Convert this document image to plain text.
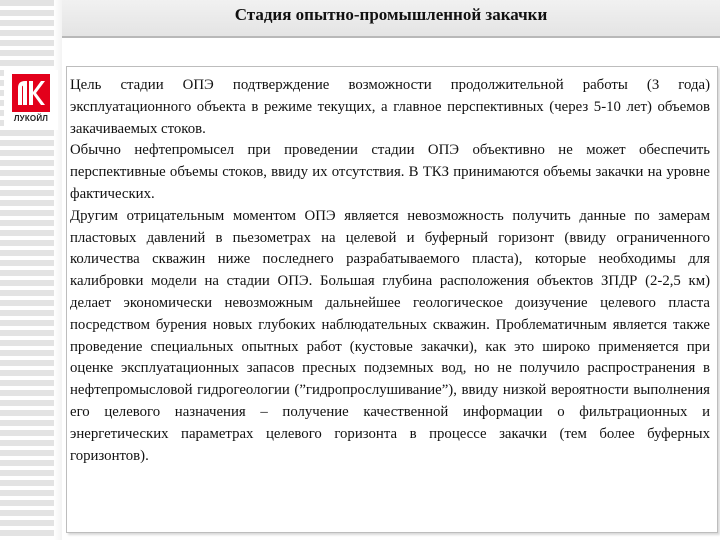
Стадия опытно-промышленной закачки
ЛУКОЙЛ

Цель стадии ОПЭ подтверждение возможности продолжительной работы (3 года) эксплуатационного объекта в режиме текущих, а главное перспективных (через 5-10 лет) объемов закачиваемых стоков.

Обычно нефтепромысел при проведении стадии ОПЭ объективно не может обеспечить перспективные объемы стоков, ввиду их отсутствия. В ТКЗ принимаются объемы закачки на уровне фактических.

Другим отрицательным моментом ОПЭ является невозможность получить данные по замерам пластовых давлений в пьезометрах на целевой и буферный горизонт (ввиду ограниченного количества скважин ниже последнего разрабатываемого пласта), которые необходимы для калибровки модели на стадии ОПЭ. Большая глубина расположения объектов ЗПДР (2-2,5 км) делает экономически невозможным дальнейшее геологическое доизучение целевого пласта посредством бурения новых глубоких наблюдательных скважин. Проблематичным является также проведение специальных опытных работ (кустовые закачки), как это широко применяется при оценке эксплуатационных запасов пресных подземных вод, но не получило распространения в нефтепромысловой гидрогеологии (”гидропрослушивание”), ввиду низкой вероятности выполнения его целевого назначения – получение качественной информации о фильтрационных и энергетических параметрах целевого горизонта в процессе закачки (тем более буферных горизонтов).
